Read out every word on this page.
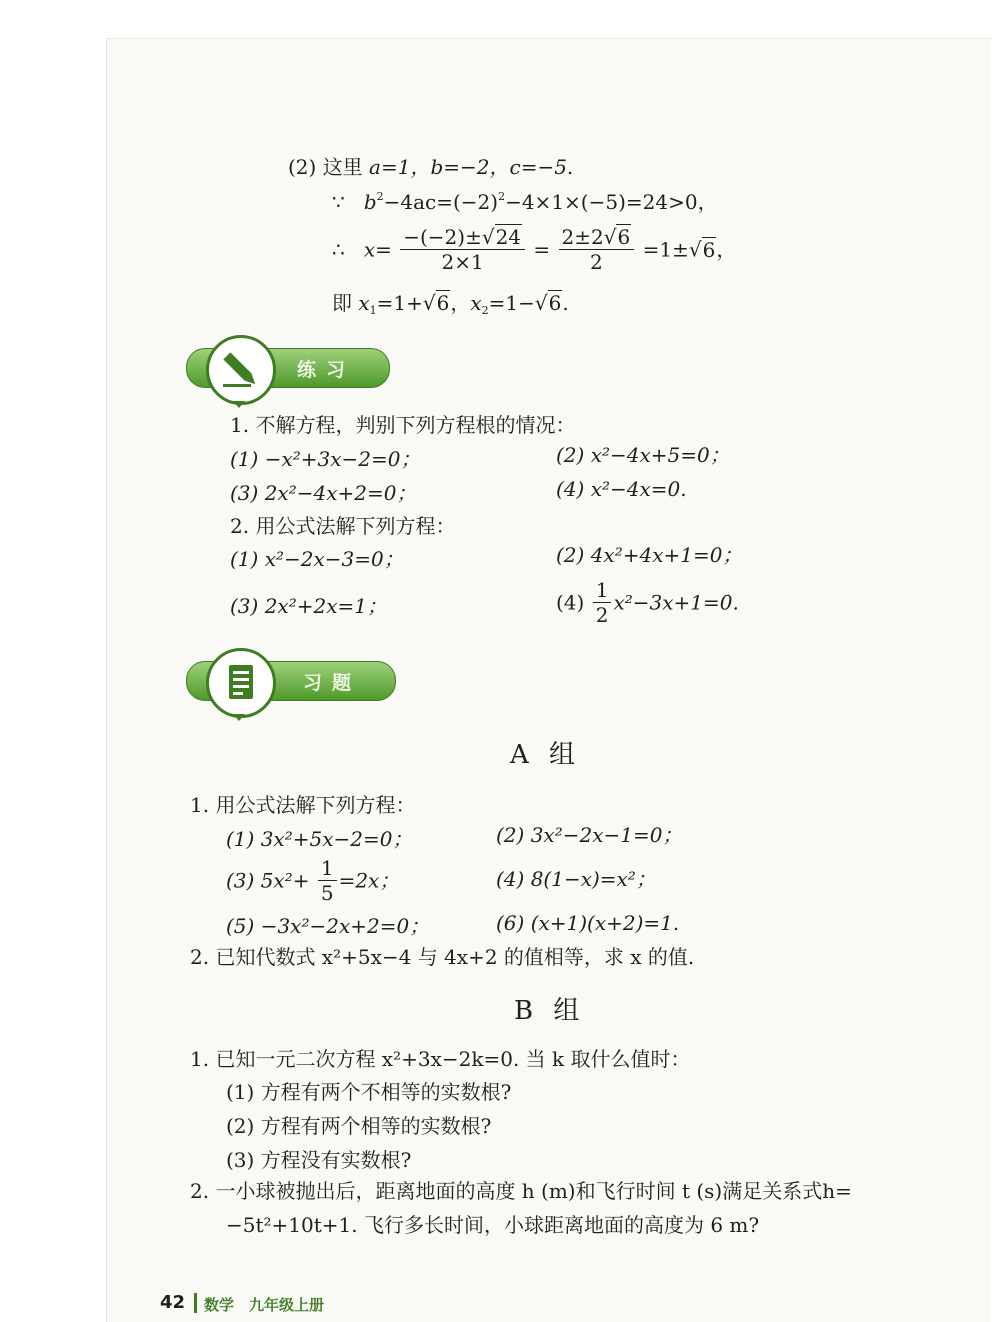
(2) 这里 a=1，b=−2，c=−5.
∵ $b^2-4ac=(-2)^2-4\times 1\times(-5)=24>0$，
∴ $x= \frac{-(-2)\pm√24}{2\times 1} = \frac{2\pm 2√6}{2} =1\pm√6$，
即 $x_1=1+√6$，$x_2=1-√6$.
练习
1. 不解方程，判别下列方程根的情况：
(1) −x²+3x−2=0；	(2) x²−4x+5=0；
(3) 2x²−4x+2=0；	(4) x²−4x=0.
2. 用公式法解下列方程：
(1) x²−2x−3=0；	(2) 4x²+4x+1=0；
(3) 2x²+2x=1；	$(4) \frac{1}{2} x^2-3x+1=0$.
习题
A 组
1. 用公式法解下列方程：
(1) 3x²+5x−2=0；	(2) 3x²−2x−1=0；
(3) $5x^2+ \frac{1}{5} =2x$；	(4) 8(1−x)=x²；
(5) −3x²−2x+2=0；	(6) (x+1)(x+2)=1.
2. 已知代数式 x²+5x−4 与 4x+2 的值相等，求 x 的值.
B 组
1. 已知一元二次方程 x²+3x−2k=0. 当 k 取什么值时：
(1) 方程有两个不相等的实数根?
(2) 方程有两个相等的实数根?
(3) 方程没有实数根?
2. 一小球被抛出后，距离地面的高度 h (m)和飞行时间 t (s)满足关系式h=
−5t²+10t+1. 飞行多长时间，小球距离地面的高度为 6 m?
42 数学　九年级上册
